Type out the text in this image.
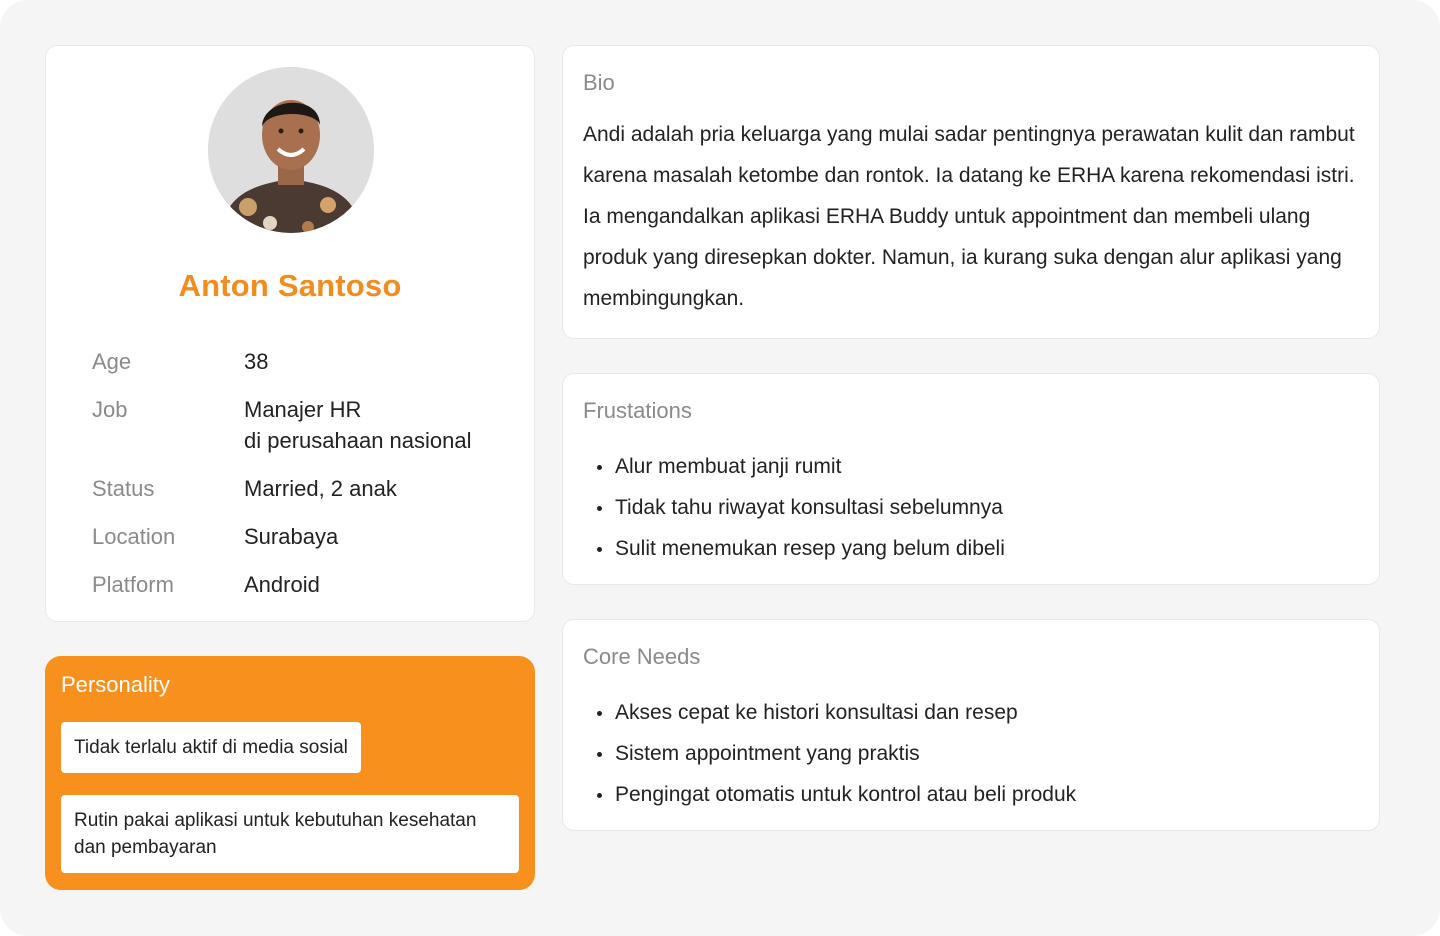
Anton Santoso
Age	38
Job	Manajer HR
di perusahaan nasional
Status	Married, 2 anak
Location	Surabaya
Platform	Android
Personality
Tidak terlalu aktif di media sosial
Rutin pakai aplikasi untuk kebutuhan kesehatan dan pembayaran
Bio
Andi adalah pria keluarga yang mulai sadar pentingnya perawatan kulit dan rambut karena masalah ketombe dan rontok. Ia datang ke ERHA karena rekomendasi istri. Ia mengandalkan aplikasi ERHA Buddy untuk appointment dan membeli ulang produk yang diresepkan dokter. Namun, ia kurang suka dengan alur aplikasi yang membingungkan.
Frustations
Alur membuat janji rumit
Tidak tahu riwayat konsultasi sebelumnya
Sulit menemukan resep yang belum dibeli
Core Needs
Akses cepat ke histori konsultasi dan resep
Sistem appointment yang praktis
Pengingat otomatis untuk kontrol atau beli produk
